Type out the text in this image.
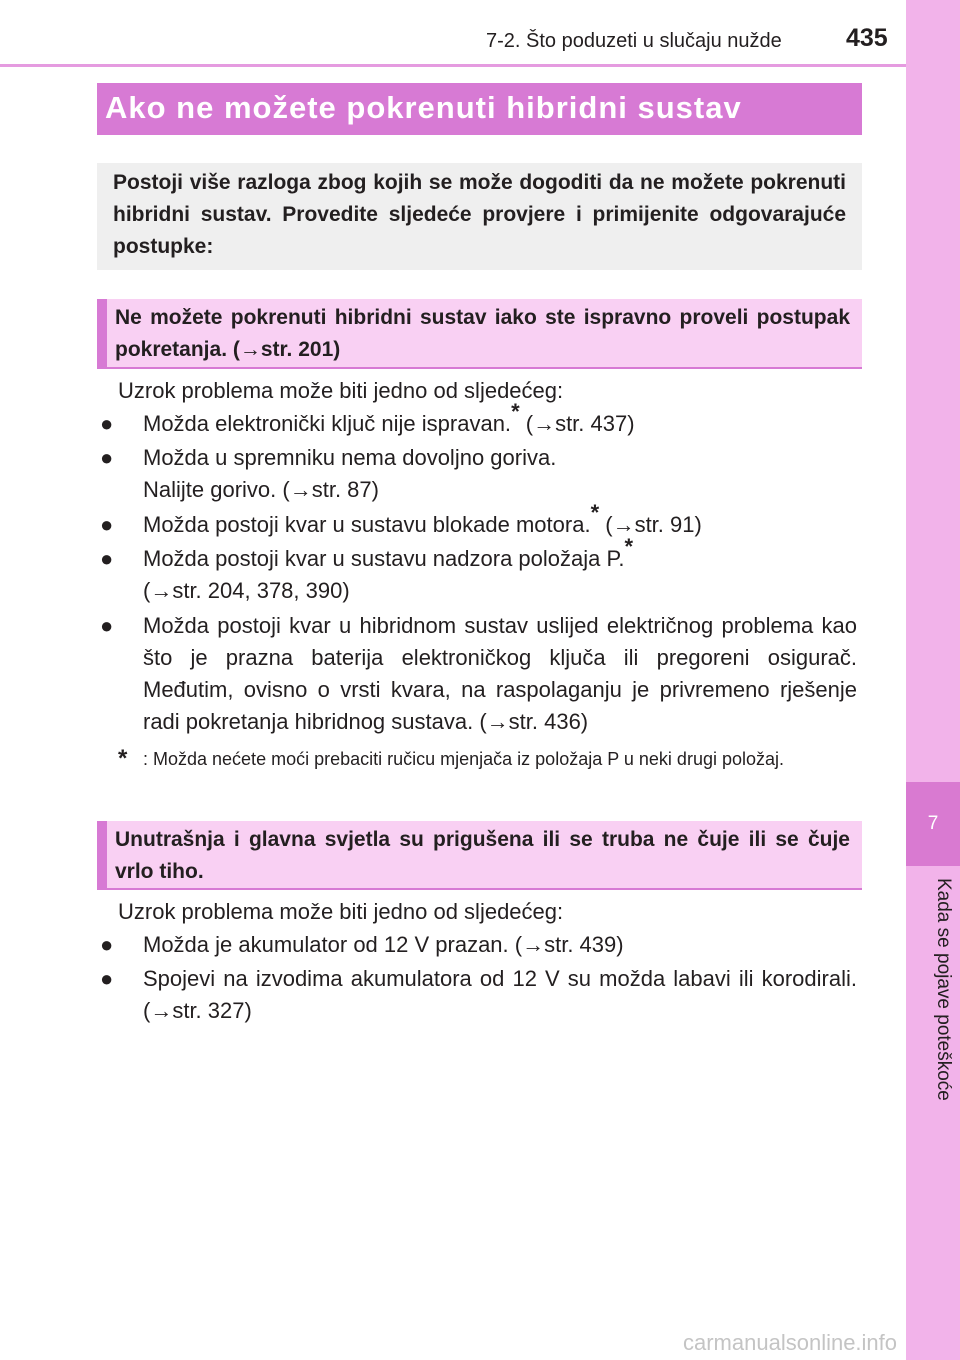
7
Kada se pojave poteškoće
7-2. Što poduzeti u slučaju nužde	435
Ako ne možete pokrenuti hibridni sustav
Postoji više razloga zbog kojih se može dogoditi da ne možete pokrenuti hibridni sustav. Provedite sljedeće provjere i primijenite odgovarajuće postupke:
Ne možete pokrenuti hibridni sustav iako ste ispravno proveli postupak pokretanja. (→str. 201)
Uzrok problema može biti jedno od sljedećeg:
● Možda elektronički ključ nije ispravan.* (→str. 437)
● Možda u spremniku nema dovoljno goriva.
Nalijte gorivo. (→str. 87)
● Možda postoji kvar u sustavu blokade motora.* (→str. 91)
● Možda postoji kvar u sustavu nadzora položaja P.*
(→str. 204, 378, 390)
● Možda postoji kvar u hibridnom sustav uslijed električnog problema kao što je prazna baterija elektroničkog ključa ili pregoreni osigurač. Međutim, ovisno o vrsti kvara, na raspolaganju je privremeno rješenje radi pokretanja hibridnog sustava. (→str. 436)
* : Možda nećete moći prebaciti ručicu mjenjača iz položaja P u neki drugi položaj.
Unutrašnja i glavna svjetla su prigušena ili se truba ne čuje ili se čuje vrlo tiho.
Uzrok problema može biti jedno od sljedećeg:
● Možda je akumulator od 12 V prazan. (→str. 439)
● Spojevi na izvodima akumulatora od 12 V su možda labavi ili korodirali. (→str. 327)
carmanualsonline.info
